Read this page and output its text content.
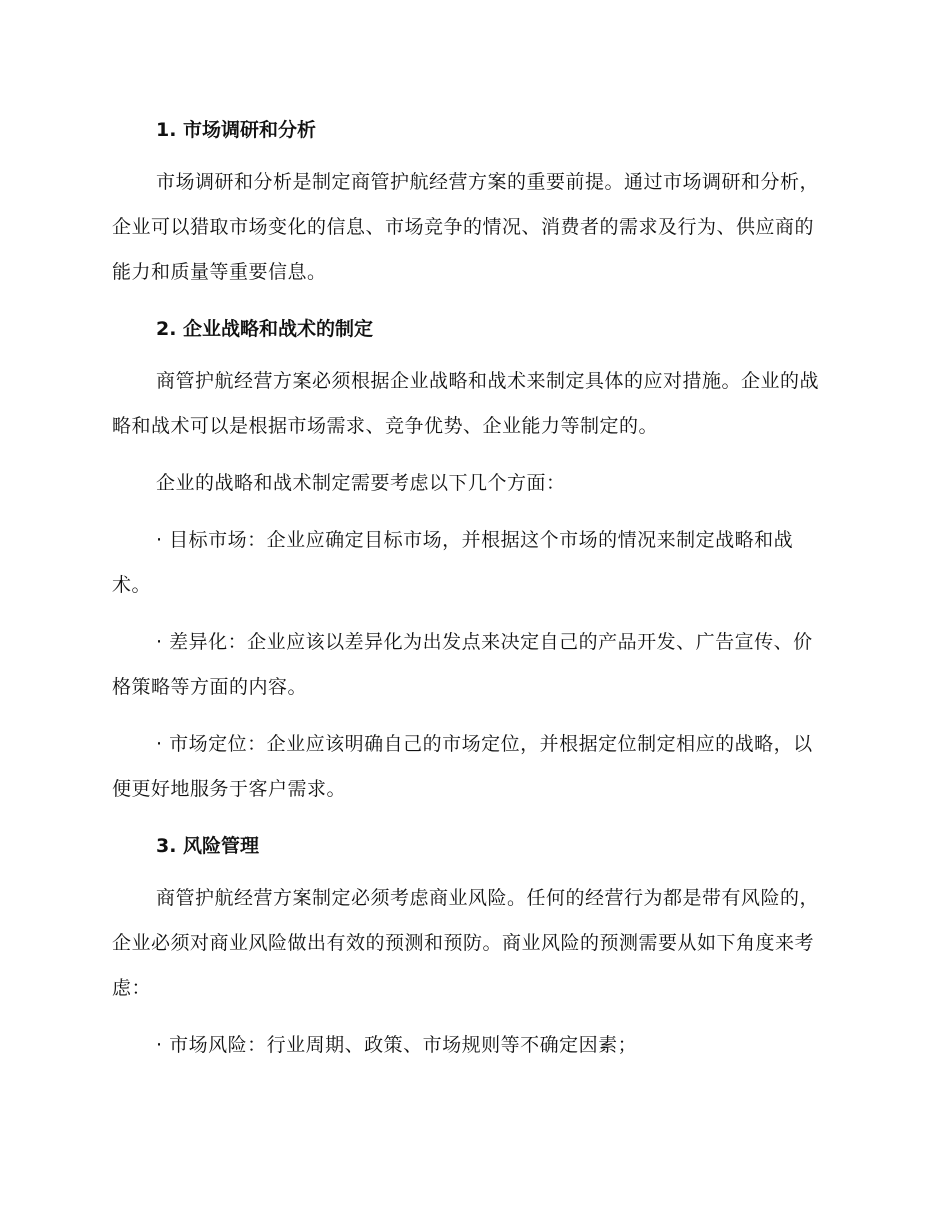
1. 市场调研和分析

市场调研和分析是制定商管护航经营方案的重要前提。通过市场调研和分析，企业可以猎取市场变化的信息、市场竞争的情况、消费者的需求及行为、供应商的能力和质量等重要信息。

2. 企业战略和战术的制定

商管护航经营方案必须根据企业战略和战术来制定具体的应对措施。企业的战略和战术可以是根据市场需求、竞争优势、企业能力等制定的。

企业的战略和战术制定需要考虑以下几个方面：

· 目标市场：企业应确定目标市场，并根据这个市场的情况来制定战略和战术。

· 差异化：企业应该以差异化为出发点来决定自己的产品开发、广告宣传、价格策略等方面的内容。

· 市场定位：企业应该明确自己的市场定位，并根据定位制定相应的战略，以便更好地服务于客户需求。

3. 风险管理

商管护航经营方案制定必须考虑商业风险。任何的经营行为都是带有风险的，企业必须对商业风险做出有效的预测和预防。商业风险的预测需要从如下角度来考虑：

· 市场风险：行业周期、政策、市场规则等不确定因素；
